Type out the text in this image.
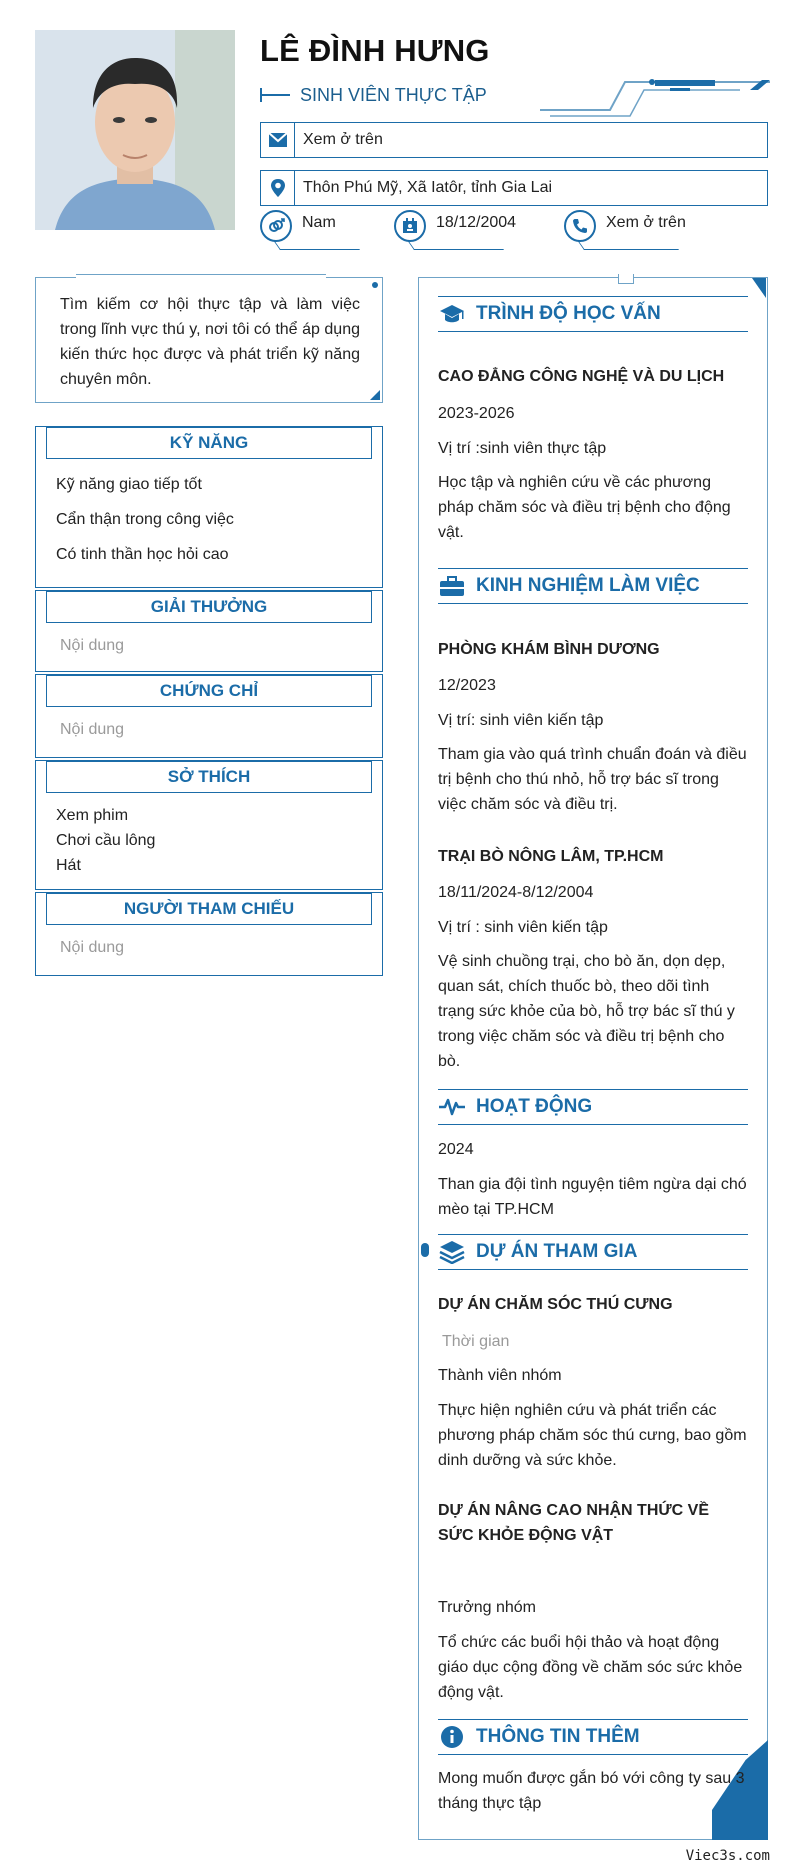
LÊ ĐÌNH HƯNG
SINH VIÊN THỰC TẬP
Xem ở trên
Thôn Phú Mỹ, Xã Iatôr, tỉnh Gia Lai
Nam	18/12/2004	Xem ở trên
Tìm kiếm cơ hội thực tập và làm việc trong lĩnh vực thú y, nơi tôi có thể áp dụng kiến thức học được và phát triển kỹ năng chuyên môn.
KỸ NĂNG
Kỹ năng giao tiếp tốt
Cẩn thận trong công việc
Có tinh thần học hỏi cao
GIẢI THƯỞNG
Nội dung
CHỨNG CHỈ
Nội dung
SỞ THÍCH
Xem phim
Chơi cầu lông
Hát
NGƯỜI THAM CHIẾU
Nội dung
TRÌNH ĐỘ HỌC VẤN
CAO ĐẲNG CÔNG NGHỆ VÀ DU LỊCH
2023-2026
Vị trí :sinh viên thực tập
Học tập và nghiên cứu về các phương pháp chăm sóc và điều trị bệnh cho động vật.
KINH NGHIỆM LÀM VIỆC
PHÒNG KHÁM BÌNH DƯƠNG
12/2023
Vị trí: sinh viên kiến tập
Tham gia vào quá trình chuẩn đoán và điều trị bệnh cho thú nhỏ, hỗ trợ bác sĩ trong việc chăm sóc và điều trị.
TRẠI BÒ NÔNG LÂM, TP.HCM
18/11/2024-8/12/2004
Vị trí : sinh viên kiến tập
Vệ sinh chuồng trại, cho bò ăn, dọn dẹp, quan sát, chích thuốc bò, theo dõi tình trạng sức khỏe của bò, hỗ trợ bác sĩ thú y trong việc chăm sóc và điều trị bệnh cho bò.
HOẠT ĐỘNG
2024
Than gia đội tình nguyện tiêm ngừa dại chó mèo tại TP.HCM
DỰ ÁN THAM GIA
DỰ ÁN CHĂM SÓC THÚ CƯNG
Thời gian
Thành viên nhóm
Thực hiện nghiên cứu và phát triển các phương pháp chăm sóc thú cưng, bao gồm dinh dưỡng và sức khỏe.
DỰ ÁN NÂNG CAO NHẬN THỨC VỀ SỨC KHỎE ĐỘNG VẬT
Trưởng nhóm
Tổ chức các buổi hội thảo và hoạt động giáo dục cộng đồng về chăm sóc sức khỏe động vật.
THÔNG TIN THÊM
Mong muốn được gắn bó với công ty sau 3 tháng thực tập
Viec3s.com
